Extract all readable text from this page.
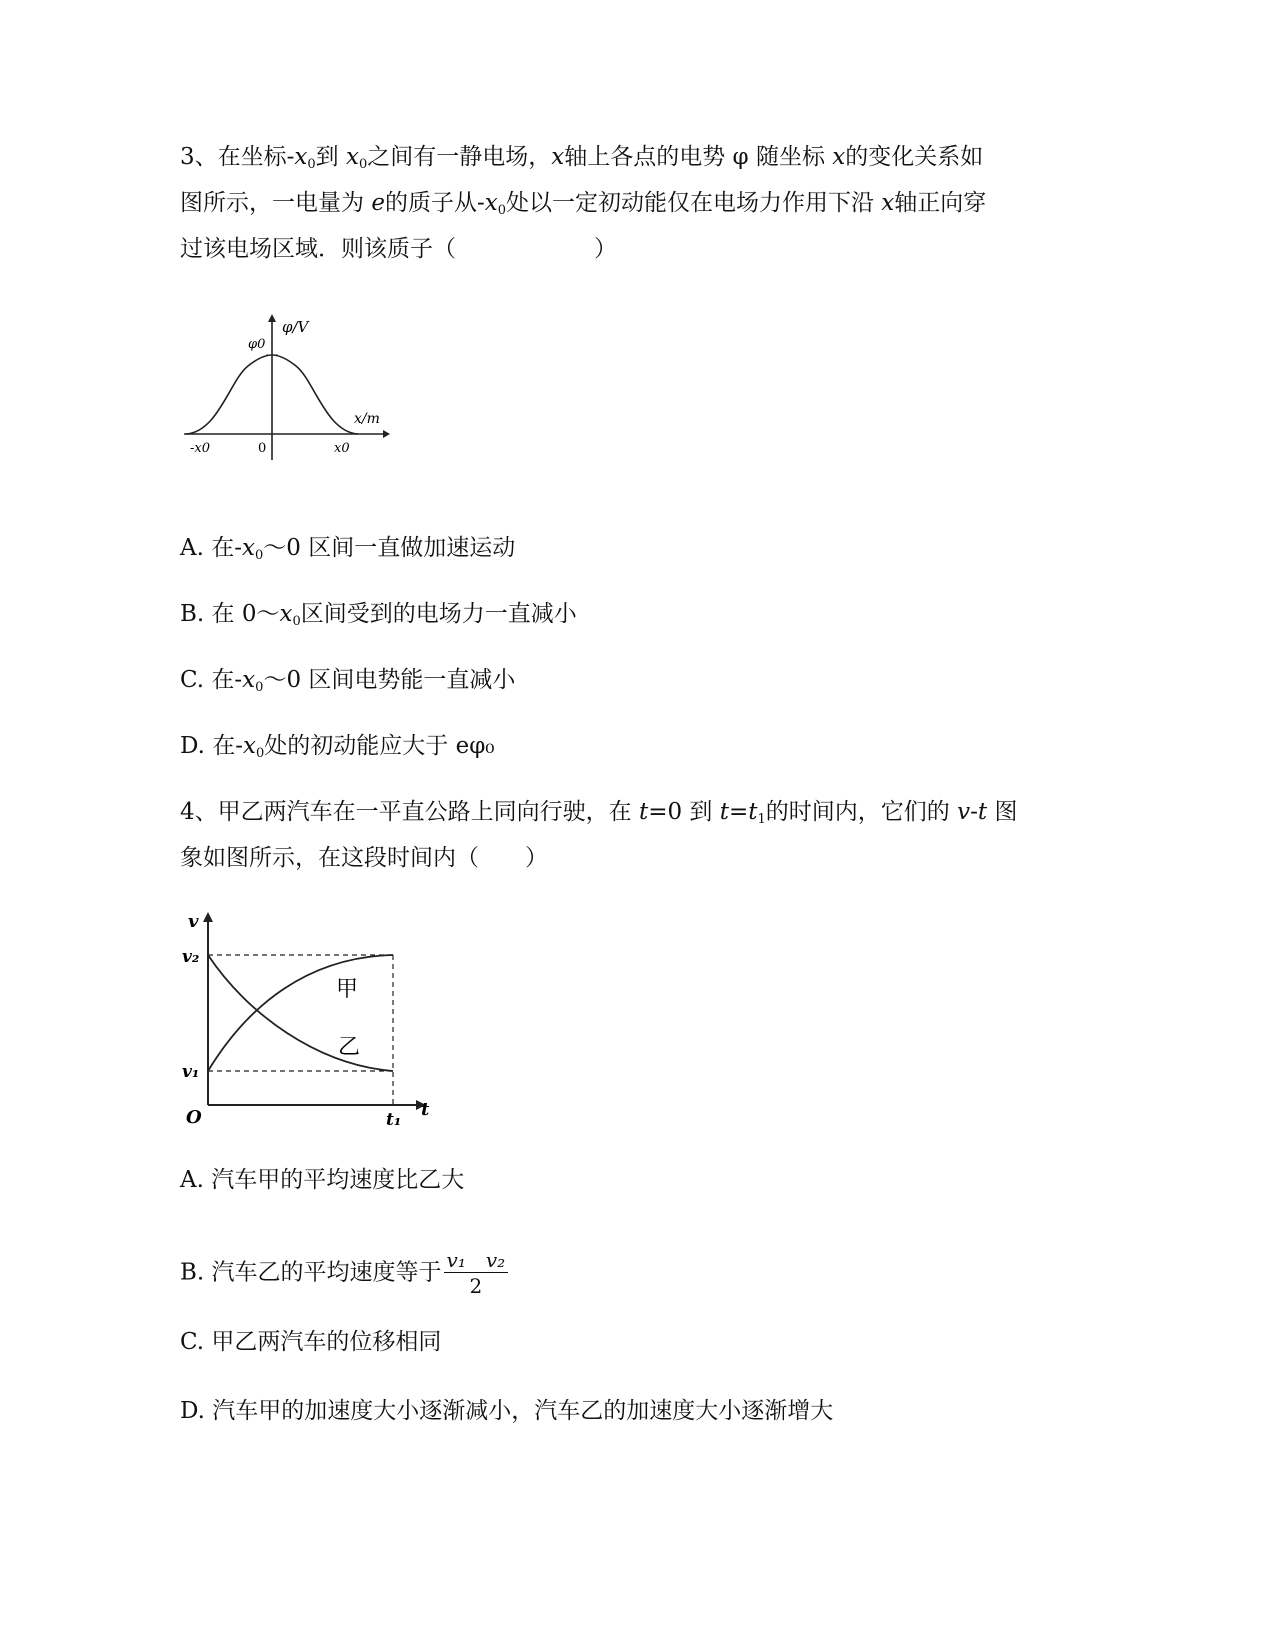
3、在坐标$-x_0$到 $x_0$之间有一静电场，x轴上各点的电势 φ 随坐标 x的变化关系如
图所示，一电量为 e的质子从$-x_0$处以一定初动能仅在电场力作用下沿 x轴正向穿
过该电场区域．则该质子（　　　　　　）
φ/V
φ0
x/m
-x0	0	x0
A. 在$-x_0\sim 0$ 区间一直做加速运动
B. 在 $0\sim x_0$区间受到的电场力一直减小
C. 在$-x_0\sim 0$ 区间电势能一直减小
D. 在$-x_0$处的初动能应大于 eφ₀
4、甲乙两汽车在一平直公路上同向行驶，在 t=0 到 $t=t_1$的时间内，它们的 v-t 图
象如图所示，在这段时间内（　　）
v
v₂
v₁
O	t₁ t
甲
乙
A. 汽车甲的平均速度比乙大
B. 汽车乙的平均速度等于 $\frac{\text{v₁　v₂}}{2}$
C. 甲乙两汽车的位移相同
D. 汽车甲的加速度大小逐渐减小，汽车乙的加速度大小逐渐增大
